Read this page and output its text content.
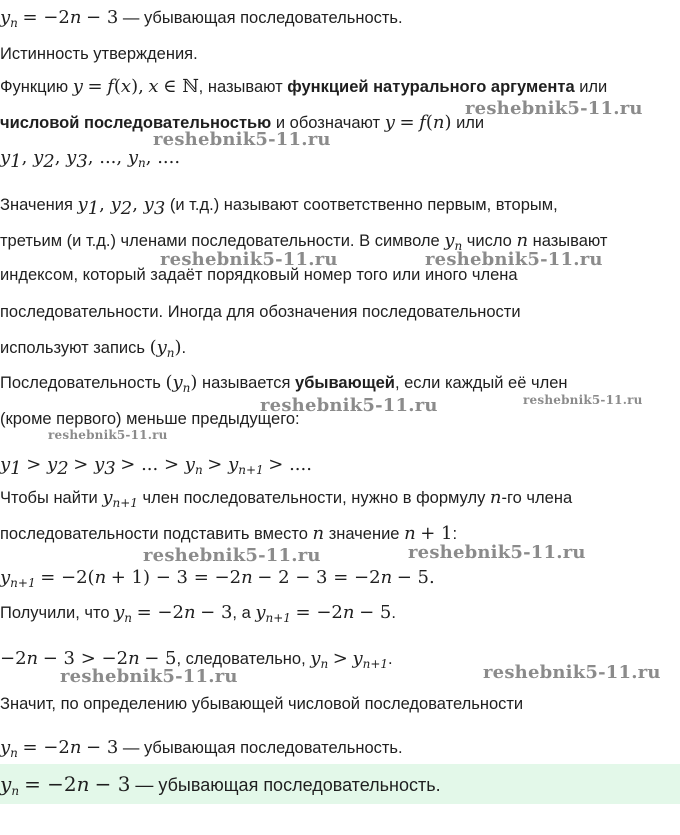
$y_n = -2n - 3$ — убывающая последовательность.
Истинность утверждения.
Функцию y = f(x), x ∈ ℕ, называют функцией натурального аргумента или
числовой последовательностью и обозначают y = f(n) или
$y_1$, $y_2$, $y_3$, ..., $y_n$, ....
Значения $y_1$, $y_2$, $y_3$ (и т.д.) называют соответственно первым, вторым,
третьим (и т.д.) членами последовательности. В символе $y_n$ число n называют
индексом, который задаёт порядковый номер того или иного члена
последовательности. Иногда для обозначения последовательности
используют запись $(y_n)$.
Последовательность $(y_n)$ называется убывающей, если каждый её член
(кроме первого) меньше предыдущего:
$y_1 > y_2 > y_3$ > ... > $y_n > y_{n+1}$ > ....
Чтобы найти $y_{n+1}$ член последовательности, нужно в формулу n-го члена
последовательности подставить вместо n значение n + 1:
$y_{n+1} = -2(n + 1) - 3 = -2n - 2 - 3 = -2n - 5$.
Получили, что $y_n = -2n - 3$, а $y_{n+1} = -2n - 5$.
−2n − 3 > −2n − 5, следовательно, $y_n > y_{n+1}$.
Значит, по определению убывающей числовой последовательности
$y_n = -2n - 3$ — убывающая последовательность.
$y_n = -2n - 3$ — убывающая последовательность.
reshebnik5-11.ru
reshebnik5-11.ru
reshebnik5-11.ru	reshebnik5-11.ru
reshebnik5-11.ru	reshebnik5-11.ru
reshebnik5-11.ru
reshebnik5-11.ru	reshebnik5-11.ru
reshebnik5-11.ru	reshebnik5-11.ru
